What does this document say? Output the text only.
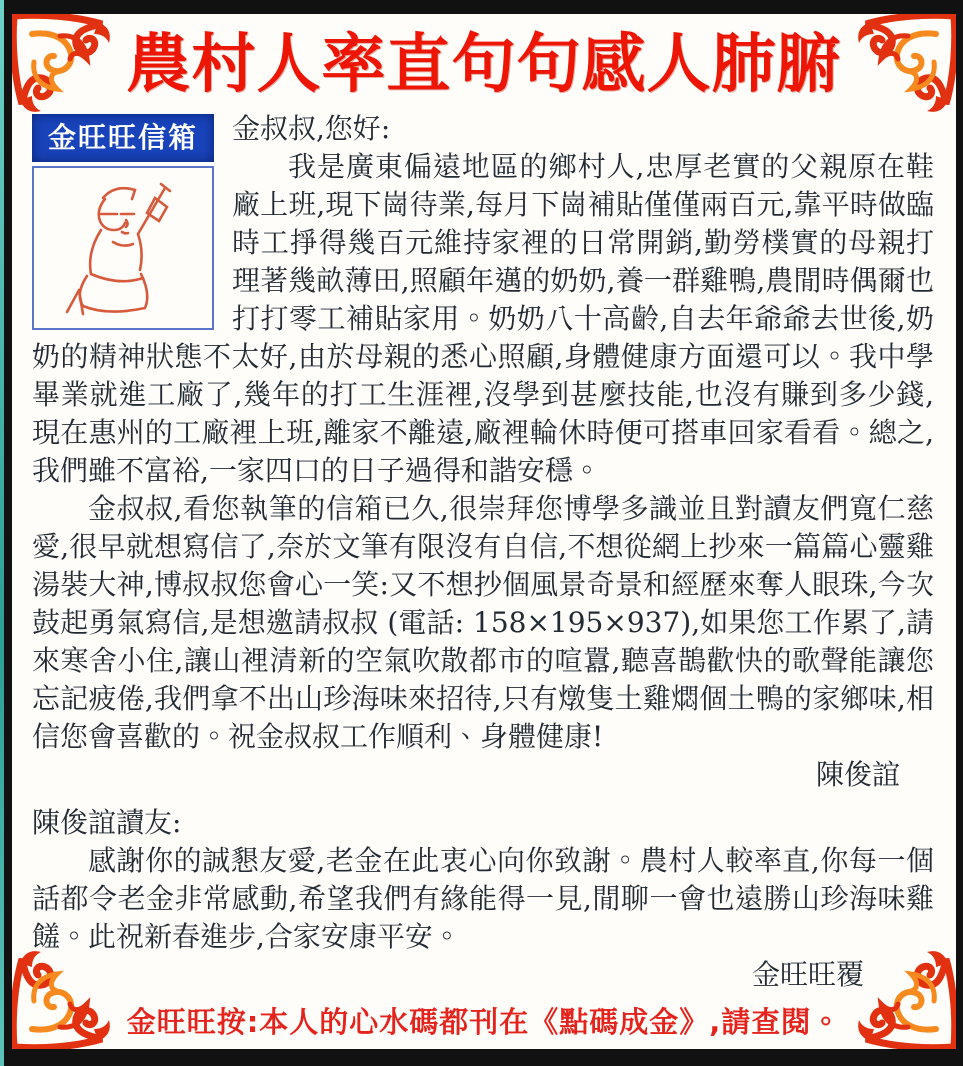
農村人率直句句感人肺腑
金旺旺信箱	金叔叔,您好:

我是廣東偏遠地區的鄉村人,忠厚老實的父親原在鞋廠上班,現下崗待業,每月下崗補貼僅僅兩百元,靠平時做臨時工掙得幾百元維持家裡的日常開銷,勤勞樸實的母親打理著幾畝薄田,照顧年邁的奶奶,養一群雞鴨,農閒時偶爾也打打零工補貼家用。奶奶八十高齡,自去年爺爺去世後,奶奶的精神狀態不太好,由於母親的悉心照顧,身體健康方面還可以。我中學畢業就進工廠了,幾年的打工生涯裡,沒學到甚麼技能,也沒有賺到多少錢,現在惠州的工廠裡上班,離家不離遠,廠裡輪休時便可搭車回家看看。總之,我們雖不富裕,一家四口的日子過得和諧安穩。

金叔叔,看您執筆的信箱已久,很崇拜您博學多識並且對讀友們寬仁慈愛,很早就想寫信了,奈於文筆有限沒有自信,不想從網上抄來一篇篇心靈雞湯裝大神,博叔叔您會心一笑:又不想抄個風景奇景和經歷來奪人眼珠,今次鼓起勇氣寫信,是想邀請叔叔 (電話: 158×195×937),如果您工作累了,請來寒舍小住,讓山裡清新的空氣吹散都市的喧囂,聽喜鵲歡快的歌聲能讓您忘記疲倦,我們拿不出山珍海味來招待,只有燉隻土雞燜個土鴨的家鄉味,相信您會喜歡的。祝金叔叔工作順利、身體健康!

陳俊誼

陳俊誼讀友:

感謝你的誠懇友愛,老金在此衷心向你致謝。農村人較率直,你每一個話都令老金非常感動,希望我們有緣能得一見,閒聊一會也遠勝山珍海味雞饈。此祝新春進步,合家安康平安。

金旺旺覆

金旺旺按:本人的心水碼都刊在《點碼成金》,請查閱。
